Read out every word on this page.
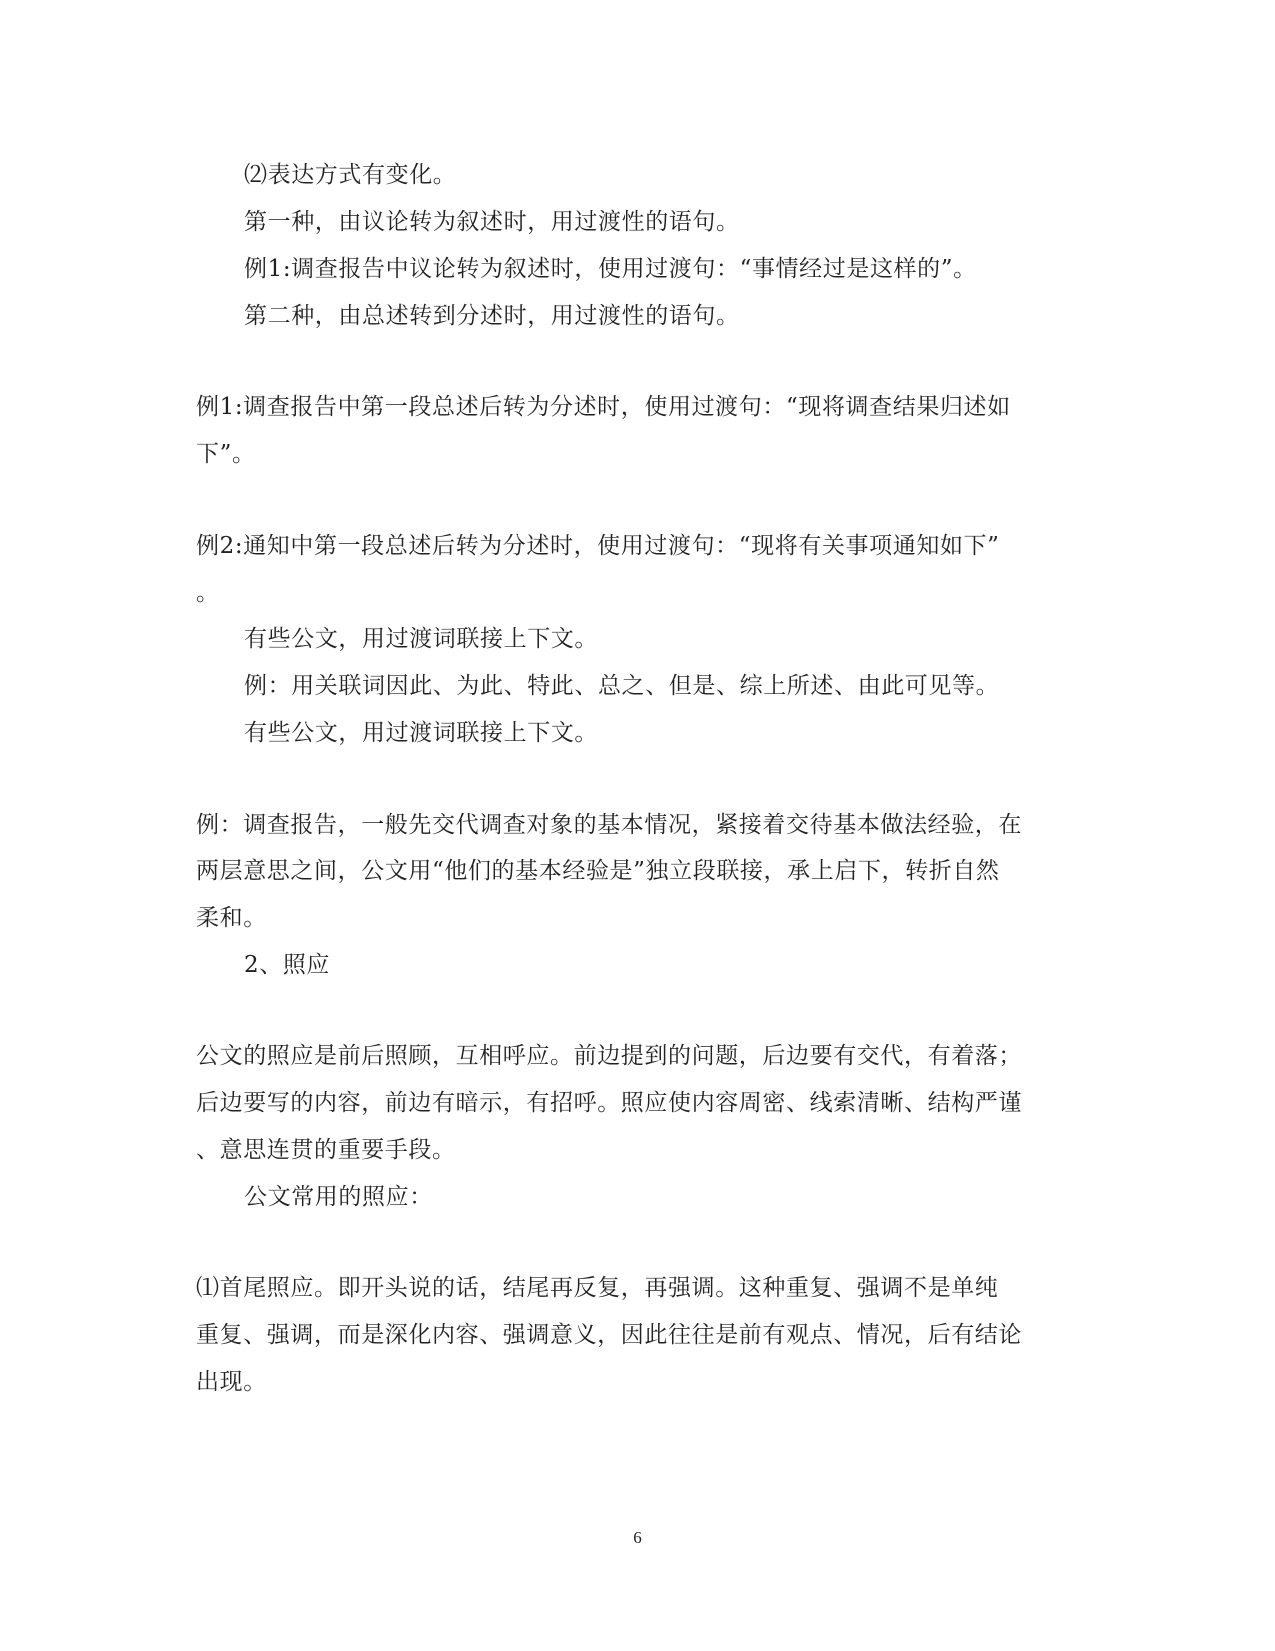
⑵表达方式有变化。

第一种，由议论转为叙述时，用过渡性的语句。

例1:调查报告中议论转为叙述时，使用过渡句：“事情经过是这样的”。

第二种，由总述转到分述时，用过渡性的语句。

例1:调查报告中第一段总述后转为分述时，使用过渡句：“现将调查结果归述如

下”。

例2:通知中第一段总述后转为分述时，使用过渡句：“现将有关事项通知如下”

。

有些公文，用过渡词联接上下文。

例：用关联词因此、为此、特此、总之、但是、综上所述、由此可见等。

有些公文，用过渡词联接上下文。

例：调查报告，一般先交代调查对象的基本情况，紧接着交待基本做法经验，在

两层意思之间，公文用“他们的基本经验是”独立段联接，承上启下，转折自然

柔和。

2、照应

公文的照应是前后照顾，互相呼应。前边提到的问题，后边要有交代，有着落；

后边要写的内容，前边有暗示，有招呼。照应使内容周密、线索清晰、结构严谨

、意思连贯的重要手段。

公文常用的照应：

⑴首尾照应。即开头说的话，结尾再反复，再强调。这种重复、强调不是单纯

重复、强调，而是深化内容、强调意义，因此往往是前有观点、情况，后有结论

出现。

6
